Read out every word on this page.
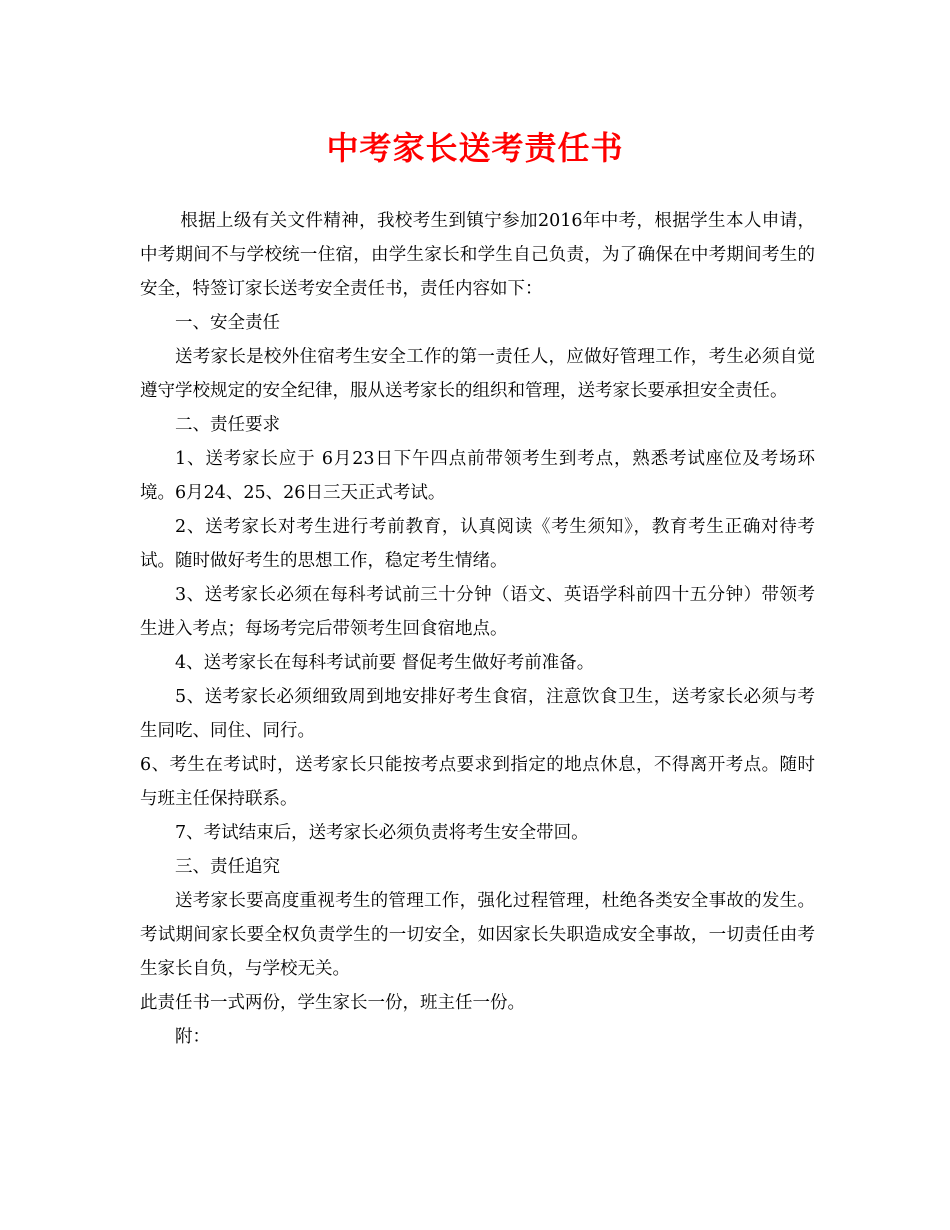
中考家长送考责任书

根据上级有关文件精神，我校考生到镇宁参加2016年中考，根据学生本人申请，中考期间不与学校统一住宿，由学生家长和学生自己负责，为了确保在中考期间考生的安全，特签订家长送考安全责任书，责任内容如下：

一、安全责任

送考家长是校外住宿考生安全工作的第一责任人，应做好管理工作，考生必须自觉遵守学校规定的安全纪律，服从送考家长的组织和管理，送考家长要承担安全责任。

二、责任要求

1、送考家长应于 6月23日下午四点前带领考生到考点，熟悉考试座位及考场环境。6月24、25、26日三天正式考试。

2、送考家长对考生进行考前教育，认真阅读《考生须知》，教育考生正确对待考试。随时做好考生的思想工作，稳定考生情绪。

3、送考家长必须在每科考试前三十分钟（语文、英语学科前四十五分钟）带领考生进入考点；每场考完后带领考生回食宿地点。

4、送考家长在每科考试前要 督促考生做好考前准备。

5、送考家长必须细致周到地安排好考生食宿，注意饮食卫生，送考家长必须与考生同吃、同住、同行。

6、考生在考试时，送考家长只能按考点要求到指定的地点休息，不得离开考点。随时与班主任保持联系。

7、考试结束后，送考家长必须负责将考生安全带回。

三、责任追究

送考家长要高度重视考生的管理工作，强化过程管理，杜绝各类安全事故的发生。考试期间家长要全权负责学生的一切安全，如因家长失职造成安全事故，一切责任由考生家长自负，与学校无关。

此责任书一式两份，学生家长一份，班主任一份。

附：
